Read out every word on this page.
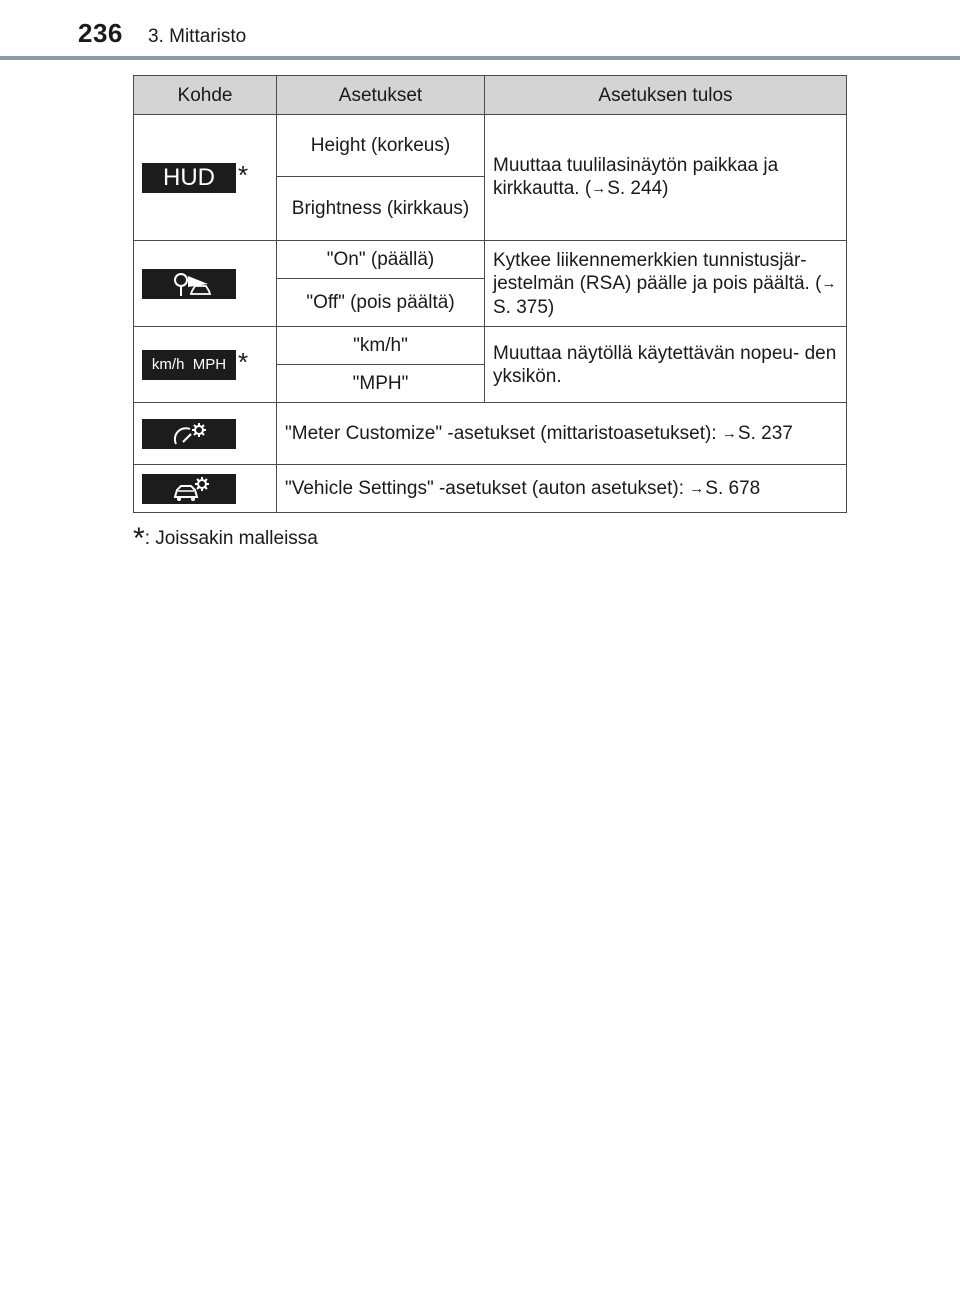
236 3. Mittaristo
Kohde	Asetukset	Asetuksen tulos
HUD *	Height (korkeus)	Muuttaa tuulilasinäytön paikkaa ja kirkkautta. (→S. 244)
	Brightness (kirkkaus)	

	"On" (päällä)	Kytkee liikennemerkkien tunnistusjär- jestelmän (RSA) päälle ja pois päältä. (→S. 375)
	"Off" (pois päältä)	
km/h  MPH *	"km/h"	Muuttaa näytöllä käytettävän nopeu- den yksikön.
	"MPH"	

	"Meter Customize" -asetukset (mittaristoasetukset): →S. 237	

	"Vehicle Settings" -asetukset (auton asetukset): →S. 678	
*: Joissakin malleissa
